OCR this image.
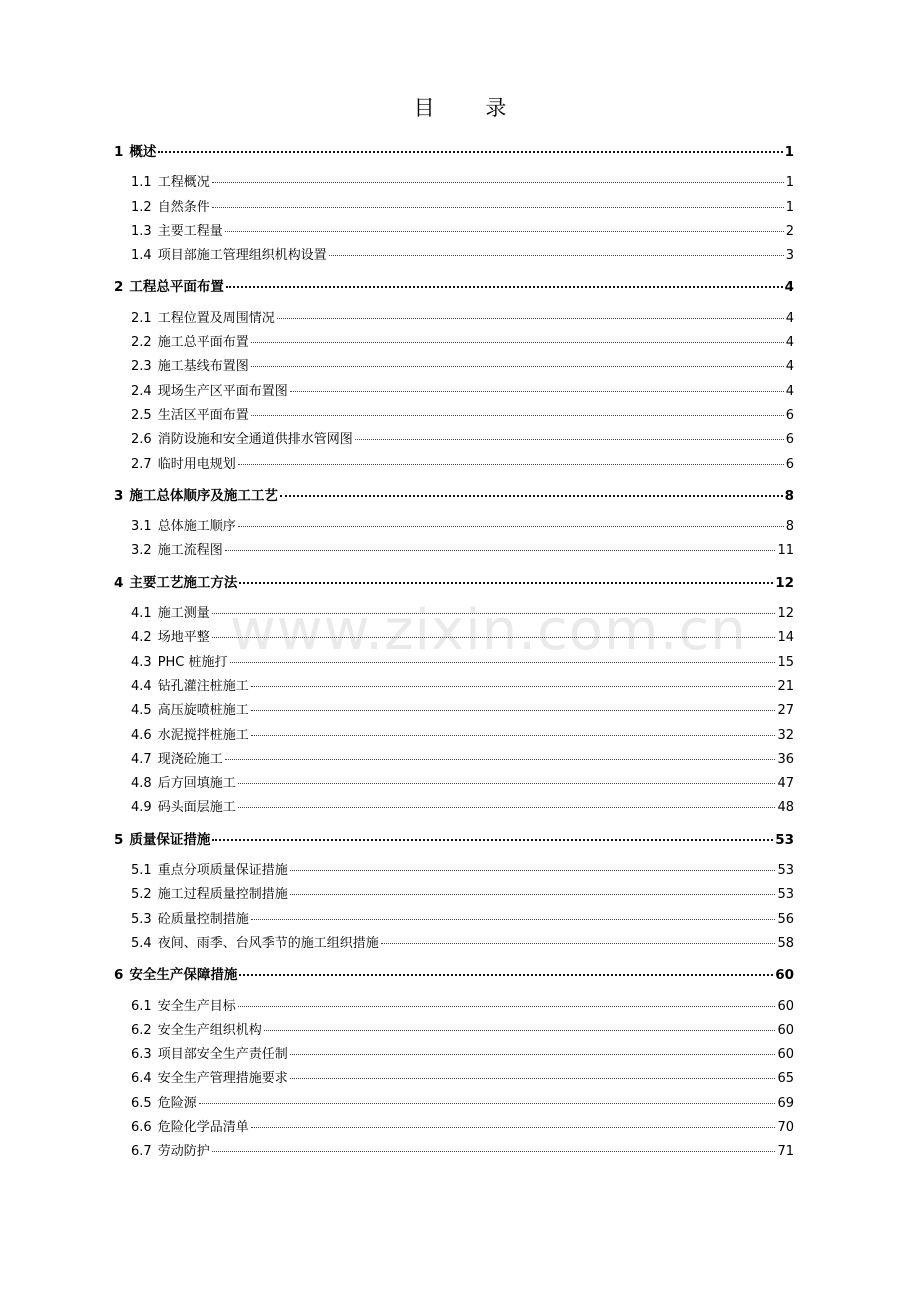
目 录
www.zixin.com.cn
1 概述	1
1.1 工程概况	1
1.2 自然条件	1
1.3 主要工程量	2
1.4 项目部施工管理组织机构设置	3
2 工程总平面布置	4
2.1 工程位置及周围情况	4
2.2 施工总平面布置	4
2.3 施工基线布置图	4
2.4 现场生产区平面布置图	4
2.5 生活区平面布置	6
2.6 消防设施和安全通道供排水管网图	6
2.7 临时用电规划	6
3 施工总体顺序及施工工艺	8
3.1 总体施工顺序	8
3.2 施工流程图	11
4 主要工艺施工方法	12
4.1 施工测量	12
4.2 场地平整	14
4.3 PHC 桩施打	15
4.4 钻孔灌注桩施工	21
4.5 高压旋喷桩施工	27
4.6 水泥搅拌桩施工	32
4.7 现浇砼施工	36
4.8 后方回填施工	47
4.9 码头面层施工	48
5 质量保证措施	53
5.1 重点分项质量保证措施	53
5.2 施工过程质量控制措施	53
5.3 砼质量控制措施	56
5.4 夜间、雨季、台风季节的施工组织措施	58
6 安全生产保障措施	60
6.1 安全生产目标	60
6.2 安全生产组织机构	60
6.3 项目部安全生产责任制	60
6.4 安全生产管理措施要求	65
6.5 危险源	69
6.6 危险化学品清单	70
6.7 劳动防护	71
